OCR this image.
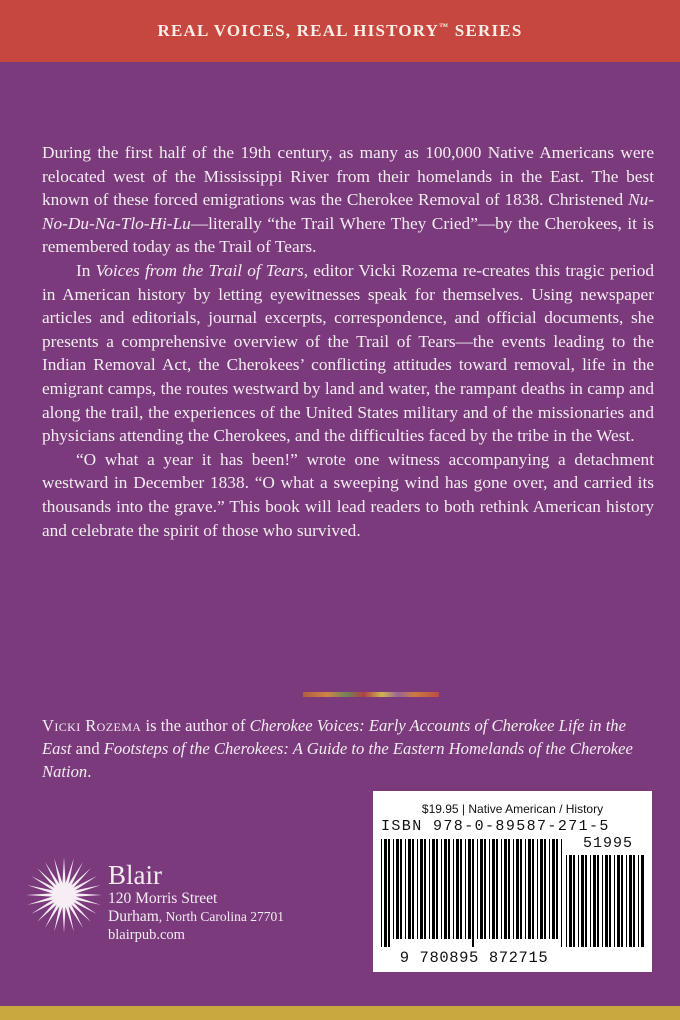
REAL VOICES, REAL HISTORY™ SERIES

During the first half of the 19th century, as many as 100,000 Native Americans were relocated west of the Mississippi River from their homelands in the East. The best known of these forced emigrations was the Cherokee Removal of 1838. Christened Nu-No-Du-Na-Tlo-Hi-Lu—literally “the Trail Where They Cried”—by the Cherokees, it is remembered today as the Trail of Tears.

In Voices from the Trail of Tears, editor Vicki Rozema re-creates this tragic period in American history by letting eyewitnesses speak for themselves. Using newspaper articles and editorials, journal excerpts, correspondence, and official documents, she presents a comprehensive overview of the Trail of Tears—the events leading to the Indian Removal Act, the Cherokees’ conflicting attitudes toward removal, life in the emigrant camps, the routes westward by land and water, the rampant deaths in camp and along the trail, the experiences of the United States military and of the missionaries and physicians attending the Cherokees, and the difficulties faced by the tribe in the West.

“O what a year it has been!” wrote one witness accompanying a detachment westward in December 1838. “O what a sweeping wind has gone over, and carried its thousands into the grave.” This book will lead readers to both rethink American history and celebrate the spirit of those who survived.

Vicki Rozema is the author of Cherokee Voices: Early Accounts of Cherokee Life in the East and Footsteps of the Cherokees: A Guide to the Eastern Homelands of the Cherokee Nation.
$19.95 | Native American / History
ISBN 978-0-89587-271-5
51995
9 780895 872715
Blair
120 Morris Street
Durham, North Carolina 27701
blairpub.com
